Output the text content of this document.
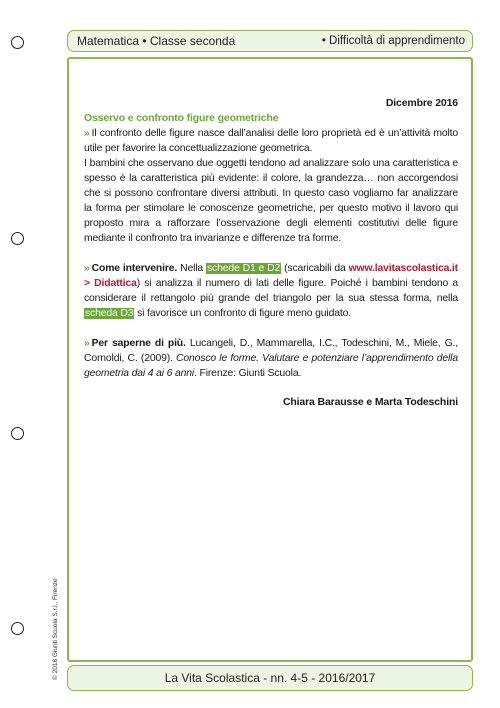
Matematica • Classe seconda	• Difficoltà di apprendimento
Dicembre 2016
Osservo e confronto figure geometriche

» Il confronto delle figure nasce dall’analisi delle loro proprietà ed è un’attività molto utile per favorire la concettualizzazione geometrica.

I bambini che osservano due oggetti tendono ad analizzare solo una caratteristica e spesso è la caratteristica più evidente: il colore, la grandezza… non accorgendosi che si possono confrontare diversi attributi. In questo caso vogliamo far analizzare la forma per stimolare le conoscenze geometriche, per questo motivo il lavoro qui proposto mira a rafforzare l’osservazione degli elementi costitutivi delle figure mediante il confronto tra invarianze e differenze tra forme.

» Come intervenire. Nella schede D1 e D2 (scaricabili da www.lavitascolastica.it > Didattica) si analizza il numero di lati delle figure. Poiché i bambini tendono a considerare il rettangolo più grande del triangolo per la sua stessa forma, nella scheda D3 si favorisce un confronto di figure meno guidato.

» Per saperne di più. Lucangeli, D., Mammarella, I.C., Todeschini, M., Miele, G., Cornoldi, C. (2009). Conosco le forme. Valutare e potenziare l’apprendimento della geometria dai 4 ai 6 anni. Firenze: Giunti Scuola.

Chiara Barausse e Marta Todeschini
© 2016 Giunti Scuola S.r.l., Firenze	La Vita Scolastica - nn. 4-5 - 2016/2017
